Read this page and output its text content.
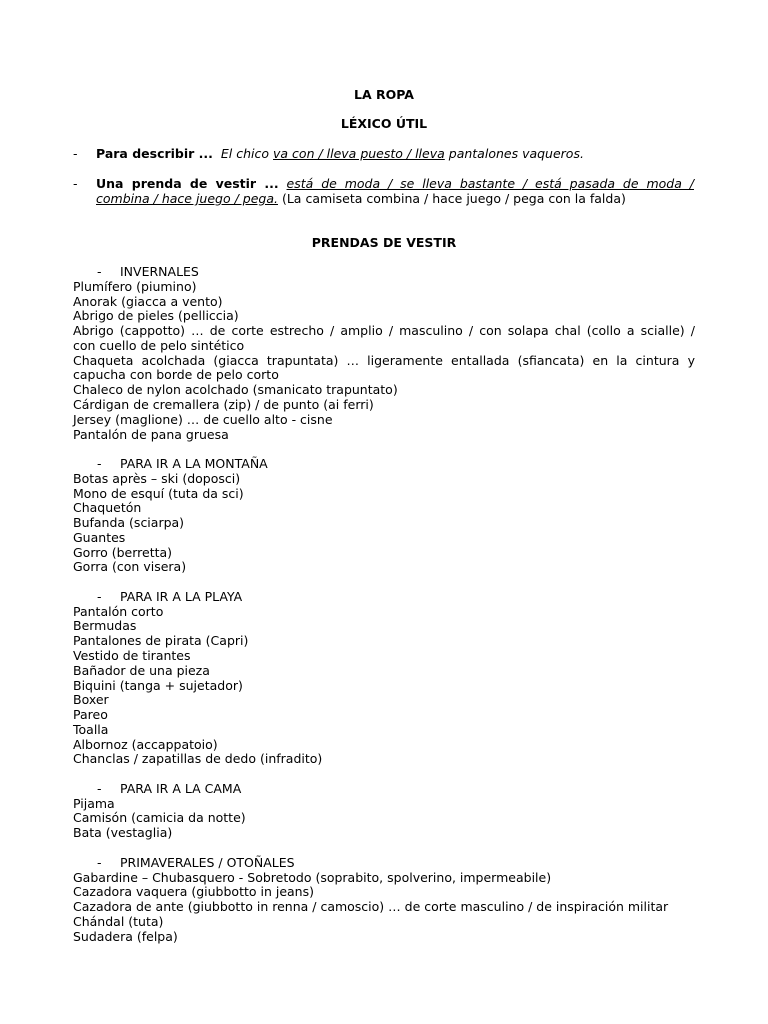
LA ROPA
LÉXICO ÚTIL
- Para describir ... El chico va con / lleva puesto / lleva pantalones vaqueros.
- Una prenda de vestir ... está de moda / se lleva bastante / está pasada de moda /
combina / hace juego / pega. (La camiseta combina / hace juego / pega con la falda)
PRENDAS DE VESTIR
- INVERNALES
Plumífero (piumino)
Anorak (giacca a vento)
Abrigo de pieles (pelliccia)
Abrigo (cappotto) … de corte estrecho / amplio / masculino / con solapa chal (collo a scialle) /
con cuello de pelo sintético
Chaqueta acolchada (giacca trapuntata) … ligeramente entallada (sfiancata) en la cintura y
capucha con borde de pelo corto
Chaleco de nylon acolchado (smanicato trapuntato)
Cárdigan de cremallera (zip) / de punto (ai ferri)
Jersey (maglione) … de cuello alto - cisne
Pantalón de pana gruesa
- PARA IR A LA MONTAÑA
Botas après – ski (doposci)
Mono de esquí (tuta da sci)
Chaquetón
Bufanda (sciarpa)
Guantes
Gorro (berretta)
Gorra (con visera)
- PARA IR A LA PLAYA
Pantalón corto
Bermudas
Pantalones de pirata (Capri)
Vestido de tirantes
Bañador de una pieza
Biquini (tanga + sujetador)
Boxer
Pareo
Toalla
Albornoz (accappatoio)
Chanclas / zapatillas de dedo (infradito)
- PARA IR A LA CAMA
Pijama
Camisón (camicia da notte)
Bata (vestaglia)
- PRIMAVERALES / OTOÑALES
Gabardine – Chubasquero - Sobretodo (soprabito, spolverino, impermeabile)
Cazadora vaquera (giubbotto in jeans)
Cazadora de ante (giubbotto in renna / camoscio) … de corte masculino / de inspiración militar
Chándal (tuta)
Sudadera (felpa)
